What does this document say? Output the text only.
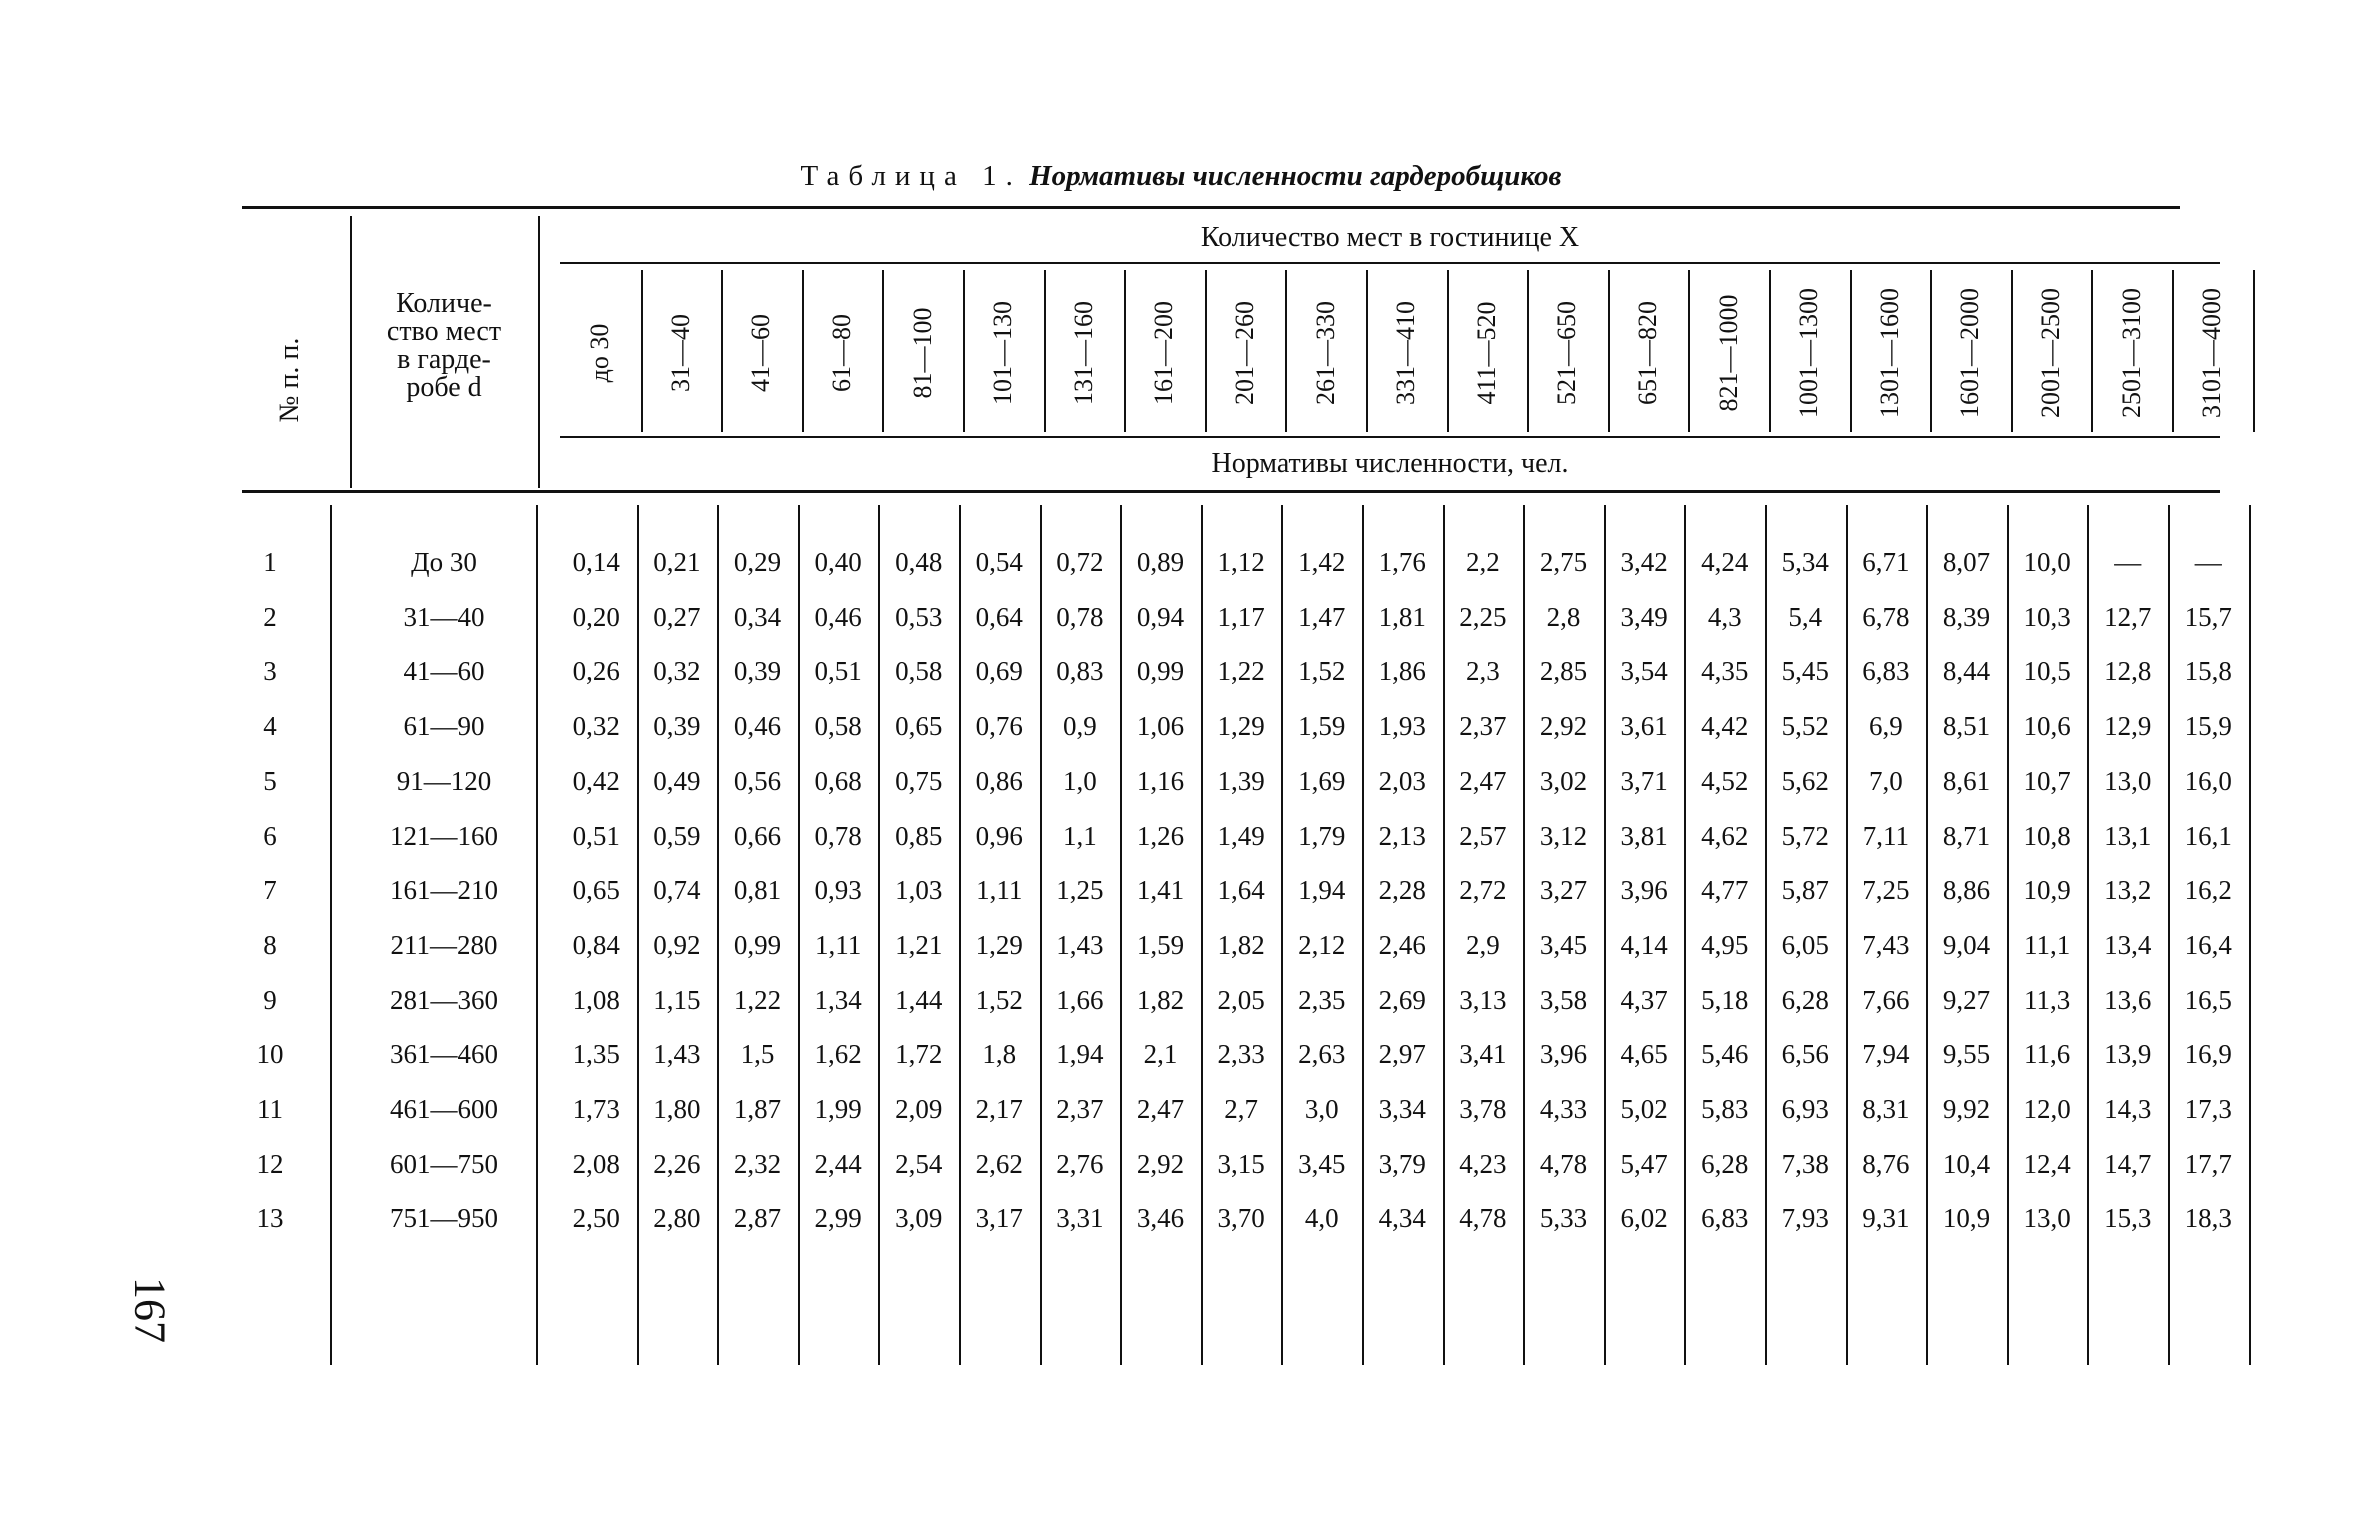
Таблица 1. Нормативы численности гардеробщиков
№ п. п.
Количе-
ство мест
в гарде-
робе d
Количество мест в гостинице X
Нормативы численности, чел.
до 30 31—40 41—60 61—80 81—100 101—130 131—160 161—200 201—260 261—330 331—410 411—520 521—650 651—820 821—1000 1001—1300 1301—1600 1601—2000 2001—2500 2501—3100 3101—4000
1	До 30	0,14	0,21	0,29	0,40	0,48	0,54	0,72	0,89	1,12	1,42	1,76	2,2	2,75	3,42	4,24	5,34	6,71	8,07	10,0	—	—
2	31—40	0,20	0,27	0,34	0,46	0,53	0,64	0,78	0,94	1,17	1,47	1,81	2,25	2,8	3,49	4,3	5,4	6,78	8,39	10,3	12,7	15,7
3	41—60	0,26	0,32	0,39	0,51	0,58	0,69	0,83	0,99	1,22	1,52	1,86	2,3	2,85	3,54	4,35	5,45	6,83	8,44	10,5	12,8	15,8
4	61—90	0,32	0,39	0,46	0,58	0,65	0,76	0,9	1,06	1,29	1,59	1,93	2,37	2,92	3,61	4,42	5,52	6,9	8,51	10,6	12,9	15,9
5	91—120	0,42	0,49	0,56	0,68	0,75	0,86	1,0	1,16	1,39	1,69	2,03	2,47	3,02	3,71	4,52	5,62	7,0	8,61	10,7	13,0	16,0
6	121—160	0,51	0,59	0,66	0,78	0,85	0,96	1,1	1,26	1,49	1,79	2,13	2,57	3,12	3,81	4,62	5,72	7,11	8,71	10,8	13,1	16,1
7	161—210	0,65	0,74	0,81	0,93	1,03	1,11	1,25	1,41	1,64	1,94	2,28	2,72	3,27	3,96	4,77	5,87	7,25	8,86	10,9	13,2	16,2
8	211—280	0,84	0,92	0,99	1,11	1,21	1,29	1,43	1,59	1,82	2,12	2,46	2,9	3,45	4,14	4,95	6,05	7,43	9,04	11,1	13,4	16,4
9	281—360	1,08	1,15	1,22	1,34	1,44	1,52	1,66	1,82	2,05	2,35	2,69	3,13	3,58	4,37	5,18	6,28	7,66	9,27	11,3	13,6	16,5
10	361—460	1,35	1,43	1,5	1,62	1,72	1,8	1,94	2,1	2,33	2,63	2,97	3,41	3,96	4,65	5,46	6,56	7,94	9,55	11,6	13,9	16,9
11	461—600	1,73	1,80	1,87	1,99	2,09	2,17	2,37	2,47	2,7	3,0	3,34	3,78	4,33	5,02	5,83	6,93	8,31	9,92	12,0	14,3	17,3
12	601—750	2,08	2,26	2,32	2,44	2,54	2,62	2,76	2,92	3,15	3,45	3,79	4,23	4,78	5,47	6,28	7,38	8,76	10,4	12,4	14,7	17,7
13	751—950	2,50	2,80	2,87	2,99	3,09	3,17	3,31	3,46	3,70	4,0	4,34	4,78	5,33	6,02	6,83	7,93	9,31	10,9	13,0	15,3	18,3
167
